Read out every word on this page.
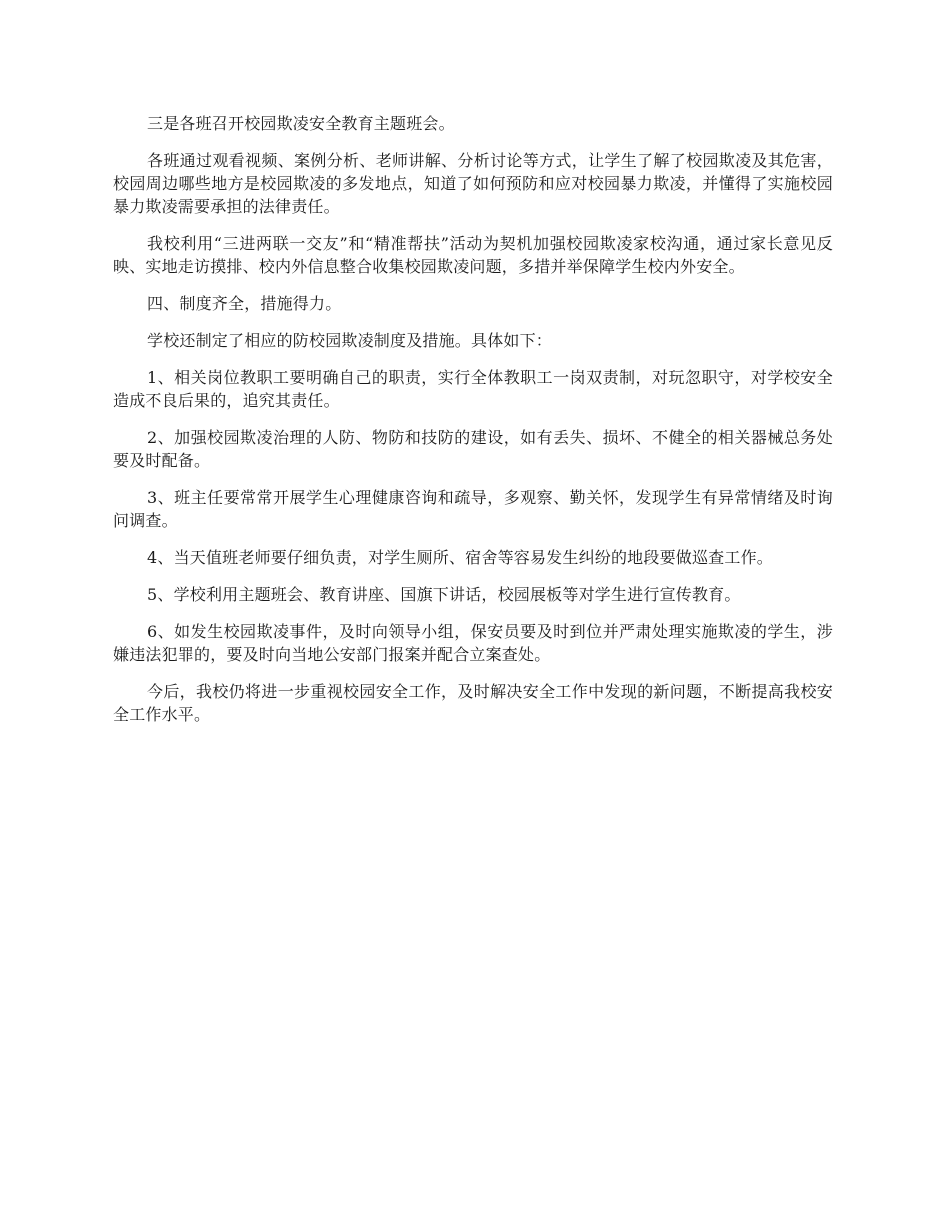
三是各班召开校园欺凌安全教育主题班会。

各班通过观看视频、案例分析、老师讲解、分析讨论等方式，让学生了解了校园欺凌及其危害，校园周边哪些地方是校园欺凌的多发地点，知道了如何预防和应对校园暴力欺凌，并懂得了实施校园暴力欺凌需要承担的法律责任。

我校利用“三进两联一交友”和“精准帮扶”活动为契机加强校园欺凌家校沟通，通过家长意见反映、实地走访摸排、校内外信息整合收集校园欺凌问题，多措并举保障学生校内外安全。

四、制度齐全，措施得力。

学校还制定了相应的防校园欺凌制度及措施。具体如下：

1、相关岗位教职工要明确自己的职责，实行全体教职工一岗双责制，对玩忽职守，对学校安全造成不良后果的，追究其责任。

2、加强校园欺凌治理的人防、物防和技防的建设，如有丢失、损坏、不健全的相关器械总务处要及时配备。

3、班主任要常常开展学生心理健康咨询和疏导，多观察、勤关怀，发现学生有异常情绪及时询问调查。

4、当天值班老师要仔细负责，对学生厕所、宿舍等容易发生纠纷的地段要做巡查工作。

5、学校利用主题班会、教育讲座、国旗下讲话，校园展板等对学生进行宣传教育。

6、如发生校园欺凌事件，及时向领导小组，保安员要及时到位并严肃处理实施欺凌的学生，涉嫌违法犯罪的，要及时向当地公安部门报案并配合立案查处。

今后，我校仍将进一步重视校园安全工作，及时解决安全工作中发现的新问题，不断提高我校安全工作水平。
